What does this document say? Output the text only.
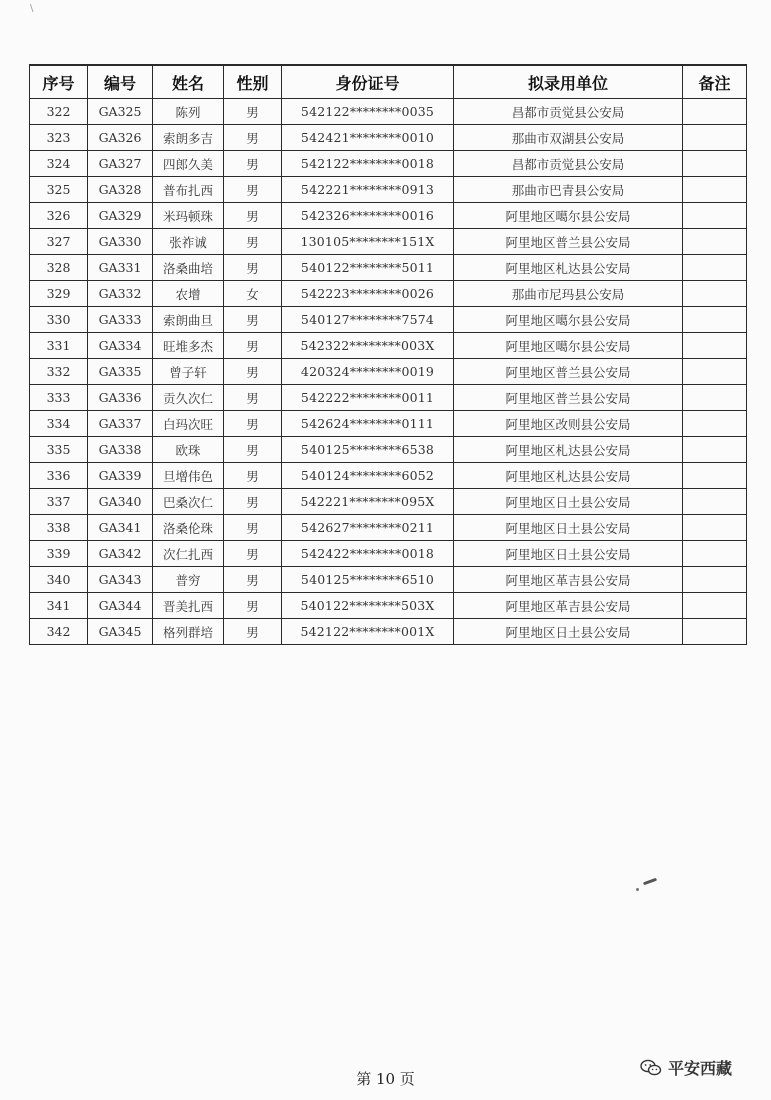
\
序号	编号	姓名	性别	身份证号	拟录用单位	备注
322	GA325	陈列	男	542122********0035	昌都市贡觉县公安局	
323	GA326	索朗多吉	男	542421********0010	那曲市双湖县公安局	
324	GA327	四郎久美	男	542122********0018	昌都市贡觉县公安局	
325	GA328	普布扎西	男	542221********0913	那曲市巴青县公安局	
326	GA329	米玛顿珠	男	542326********0016	阿里地区噶尔县公安局	
327	GA330	张祚诚	男	130105********151X	阿里地区普兰县公安局	
328	GA331	洛桑曲培	男	540122********5011	阿里地区札达县公安局	
329	GA332	农增	女	542223********0026	那曲市尼玛县公安局	
330	GA333	索朗曲旦	男	540127********7574	阿里地区噶尔县公安局	
331	GA334	旺堆多杰	男	542322********003X	阿里地区噶尔县公安局	
332	GA335	曾子轩	男	420324********0019	阿里地区普兰县公安局	
333	GA336	贡久次仁	男	542222********0011	阿里地区普兰县公安局	
334	GA337	白玛次旺	男	542624********0111	阿里地区改则县公安局	
335	GA338	欧珠	男	540125********6538	阿里地区札达县公安局	
336	GA339	旦增伟色	男	540124********6052	阿里地区札达县公安局	
337	GA340	巴桑次仁	男	542221********095X	阿里地区日土县公安局	
338	GA341	洛桑伦珠	男	542627********0211	阿里地区日土县公安局	
339	GA342	次仁扎西	男	542422********0018	阿里地区日土县公安局	
340	GA343	普穷	男	540125********6510	阿里地区革吉县公安局	
341	GA344	晋美扎西	男	540122********503X	阿里地区革吉县公安局	
342	GA345	格列群培	男	542122********001X	阿里地区日土县公安局	
第 10 页
平安西藏
